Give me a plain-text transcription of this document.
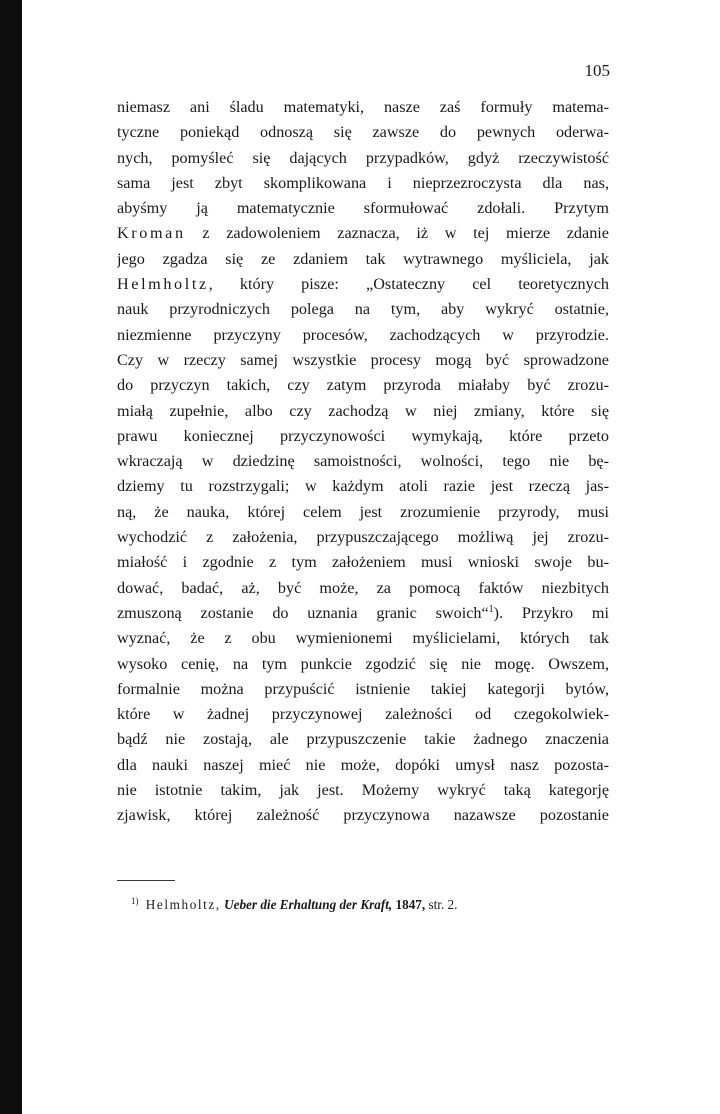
105
niemasz ani śladu matematyki, nasze zaś formuły matema-
tyczne poniekąd odnoszą się zawsze do pewnych oderwa-
nych, pomyśleć się dających przypadków, gdyż rzeczywistość
sama jest zbyt skomplikowana i nieprzezroczysta dla nas,
abyśmy ją matematycznie sformułować zdołali. Przytym
Kroman z zadowoleniem zaznacza, iż w tej mierze zdanie
jego zgadza się ze zdaniem tak wytrawnego myśliciela, jak
Helmholtz, który pisze: „Ostateczny cel teoretycznych
nauk przyrodniczych polega na tym, aby wykryć ostatnie,
niezmienne przyczyny procesów, zachodzących w przyrodzie.
Czy w rzeczy samej wszystkie procesy mogą być sprowadzone
do przyczyn takich, czy zatym przyroda miałaby być zrozu-
miałą zupełnie, albo czy zachodzą w niej zmiany, które się
prawu koniecznej przyczynowości wymykają, które przeto
wkraczają w dziedzinę samoistności, wolności, tego nie bę-
dziemy tu rozstrzygali; w każdym atoli razie jest rzeczą jas-
ną, że nauka, której celem jest zrozumienie przyrody, musi
wychodzić z założenia, przypuszczającego możliwą jej zrozu-
miałość i zgodnie z tym założeniem musi wnioski swoje bu-
dować, badać, aż, być może, za pomocą faktów niezbitych
zmuszoną zostanie do uznania granic swoich“$^1$). Przykro mi
wyznać, że z obu wymienionemi myślicielami, których tak
wysoko cenię, na tym punkcie zgodzić się nie mogę. Owszem,
formalnie można przypuścić istnienie takiej kategorji bytów,
które w żadnej przyczynowej zależności od czegokolwiek-
bądź nie zostają, ale przypuszczenie takie żadnego znaczenia
dla nauki naszej mieć nie może, dopóki umysł nasz pozosta-
nie istotnie takim, jak jest. Możemy wykryć taką kategorję
zjawisk, której zależność przyczynowa nazawsze pozostanie
$^{1)}$ Helmholtz, Ueber die Erhaltung der Kraft, 1847, str. 2.
